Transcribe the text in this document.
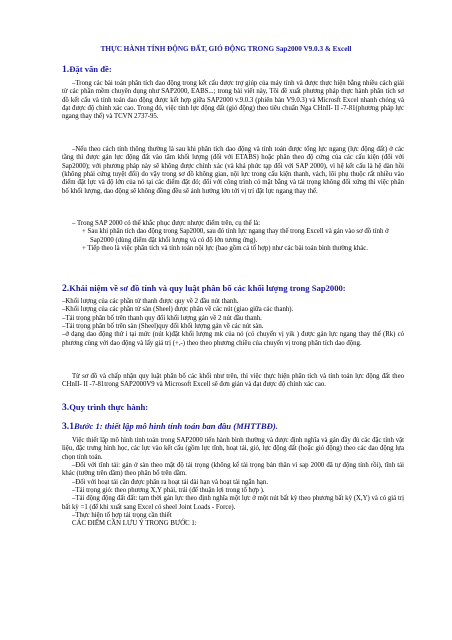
THỰC HÀNH TÍNH ĐỘNG ĐẤT, GIÓ ĐỘNG TRONG Sap2000 V9.0.3 & Excell
1.Đặt vấn đề:

–Trong các bài toán phân tích dao động trong kết cấu được trợ giúp của máy tính và được thực hiện bằng nhiều cách giải từ các phần mềm chuyên dụng như SAP2000, EABS...; trong bài viết này, Tôi đề xuất phương pháp thực hành phân tích sơ đồ kết cấu và tính toán dao động được kết hợp giữa SAP2000 v.9.0.3 (phiên bản V9.0.3) và Microsft Excel nhanh chóng và đạt được độ chính xác cao. Trong đó, việc tính lực động đất (gió động) theo tiêu chuẩn Nga CHnII- II -7-81(phương pháp lực ngang thay thế) và TCVN 2737-95.

–Nếu theo cách tính thông thường là sau khi phân tích dao động và tính toán được tổng lực ngang (lực động đất) ở các tầng thì được gán lực động đất vào tâm khối lượng (đối với ETABS) hoặc phân theo độ cứng của các cấu kiện (đối với Sap2000); với phương pháp này sẽ không được chính xác (và khá phức tạp đối với SAP 2000), vì hệ kết cấu là hệ dàn hồi (không phải cứng tuyệt đối) do vậy trong sơ đồ không gian, nội lực trong cấu kiện thanh, vách, lõi phụ thuộc rất nhiều vào điểm đặt lực và độ lớn của nó tại các điểm đặt đó; đối với công trình có mặt bằng và tải trọng không đối xứng thì việc phân bố khối lượng, dao động sẽ không đồng đều sẽ ảnh hưởng lớn tới vị trí đặt lực ngang thay thế.

– Trong SAP 2000 có thể khắc phục được nhược điểm trên, cụ thể là:
+ Sau khi phân tích dao động trong Sap2000, sau đó tính lực ngang thay thế trong Excell và gán vào sơ đồ tính ở Sap2000 (dùng điểm đặt khối lượng và có độ lớn tương ứng).
+ Tiếp theo là việc phân tích và tính toán nội lực (bao gồm cả tổ hợp) như các bài toán bình thường khác.
2.Khái niệm về sơ đồ tính và quy luật phân bố các khối lượng trong Sap2000:
–Khối lượng của các phần tử thanh được quy về 2 đầu nút thanh.
–Khối lượng của các phần tử sàn (Sheel) được phân về các nút (giao giữa các thanh).
–Tải trọng phân bố trên thanh quy đổi khối lượng gán về 2 nút đầu thanh.
–Tải trọng phân bố trên sàn (Sheel)quy đổi khối lượng gán về các nút sàn.
–ở dạng dao động thứ i tại mức (nút k)đặt khối lượng mk của nó (có chuyển vị yik ) được gán lực ngang thay thế (Rk) có phương cùng với dao động và lấy giá trị (+,-) theo theo phương chiều của chuyển vị trong phân tích dao động.

Từ sơ đồ và chấp nhận quy luật phân bố các khối như trên, thì việc thực hiện phân tích và tính toán lực động đất theo CHnII- II -7-81trong SAP2000V9 và Microsoft Excell sẽ đơn giản và đạt được độ chính xác cao.

3.Quy trình thực hành:
3.1Bước 1: thiết lập mô hình tính toán ban đầu (MHTTBĐ).

Việc thiết lập mô hình tính toán trong SAP2000 tiến hành bình thường và được định nghĩa và gán đầy đủ các đặc tính vật liệu, đặc trưng hình học, các lực vào kết cấu (gồm lực tĩnh, hoạt tải, gió, lực động đất (hoặc gió động) theo các dao động lựa chọn tính toán.

–Đối với tĩnh tải: gán ở sàn theo mặt độ tải trọng (không kể tải trọng bản thân vì sap 2000 đã tự động tính rồi), tĩnh tải khác (tường trên dầm) theo phân bố trên dầm.
–Đối với hoạt tải cần được phân ra hoạt tải dài hạn và hoạt tải ngắn hạn.
–Tải trọng gió: theo phương X,Y phải, trái (để thuận lợi trong tổ hợp ).
–Tải động động đất đất: tạm thời gán lực theo định nghĩa một lực ở một nút bất kỳ theo phương bất kỳ (X,Y) và có giá trị bất kỳ =1 (để khi xuất sang Excel có sheel Joint Loads - Force).
–Thực hiện tổ hợp tải trọng cần thiết
CÁC ĐIỂM CẦN LƯU Ý TRONG BƯỚC 1:
